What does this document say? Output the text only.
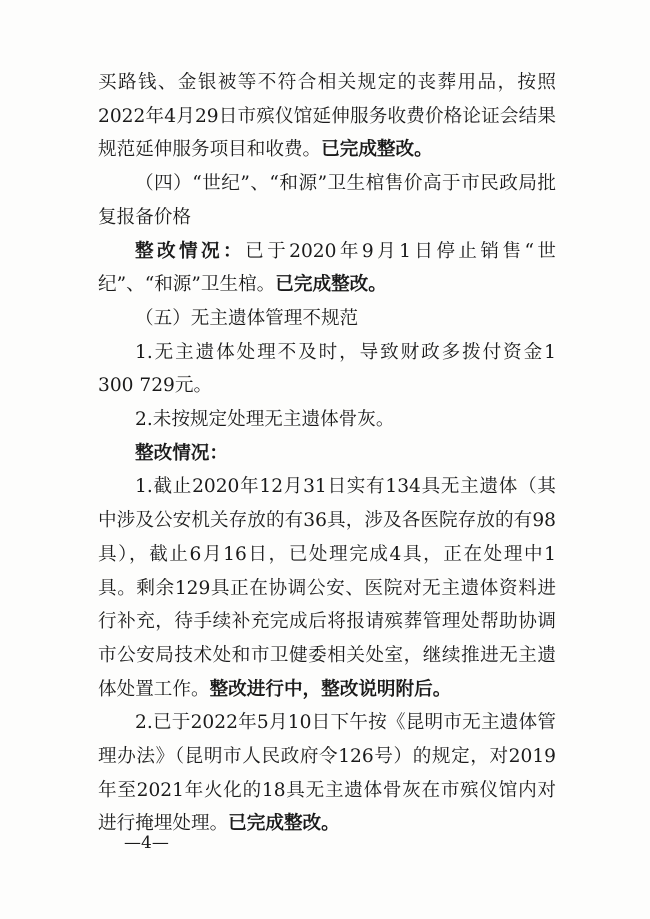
买路钱、金银被等不符合相关规定的丧葬用品，按照2022年4月29日市殡仪馆延伸服务收费价格论证会结果规范延伸服务项目和收费。已完成整改。

（四）“世纪”、“和源”卫生棺售价高于市民政局批复报备价格

整改情况：已于2020年9月1日停止销售“世纪”、“和源”卫生棺。已完成整改。

（五）无主遗体管理不规范

1.无主遗体处理不及时，导致财政多拨付资金1 300 729元。

2.未按规定处理无主遗体骨灰。

整改情况：

1.截止2020年12月31日实有134具无主遗体（其中涉及公安机关存放的有36具，涉及各医院存放的有98具），截止6月16日，已处理完成4具，正在处理中1具。剩余129具正在协调公安、医院对无主遗体资料进行补充，待手续补充完成后将报请殡葬管理处帮助协调市公安局技术处和市卫健委相关处室，继续推进无主遗体处置工作。整改进行中，整改说明附后。

2.已于2022年5月10日下午按《昆明市无主遗体管理办法》（昆明市人民政府令126号）的规定，对2019年至2021年火化的18具无主遗体骨灰在市殡仪馆内对进行掩埋处理。已完成整改。

—4—
